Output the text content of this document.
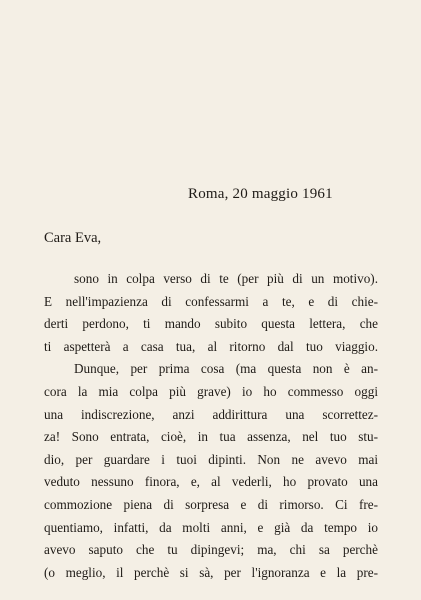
Roma, 20 maggio 1961
Cara Eva,
sono in colpa verso di te (per più di un motivo).
E nell'impazienza di confessarmi a te, e di chie-
derti perdono, ti mando subito questa lettera, che
ti aspetterà a casa tua, al ritorno dal tuo viaggio.
Dunque, per prima cosa (ma questa non è an-
cora la mia colpa più grave) io ho commesso oggi
una indiscrezione, anzi addirittura una scorrettez-
za! Sono entrata, cioè, in tua assenza, nel tuo stu-
dio, per guardare i tuoi dipinti. Non ne avevo mai
veduto nessuno finora, e, al vederli, ho provato una
commozione piena di sorpresa e di rimorso. Ci fre-
quentiamo, infatti, da molti anni, e già da tempo io
avevo saputo che tu dipingevi; ma, chi sa perchè
(o meglio, il perchè si sà, per l'ignoranza e la pre-
